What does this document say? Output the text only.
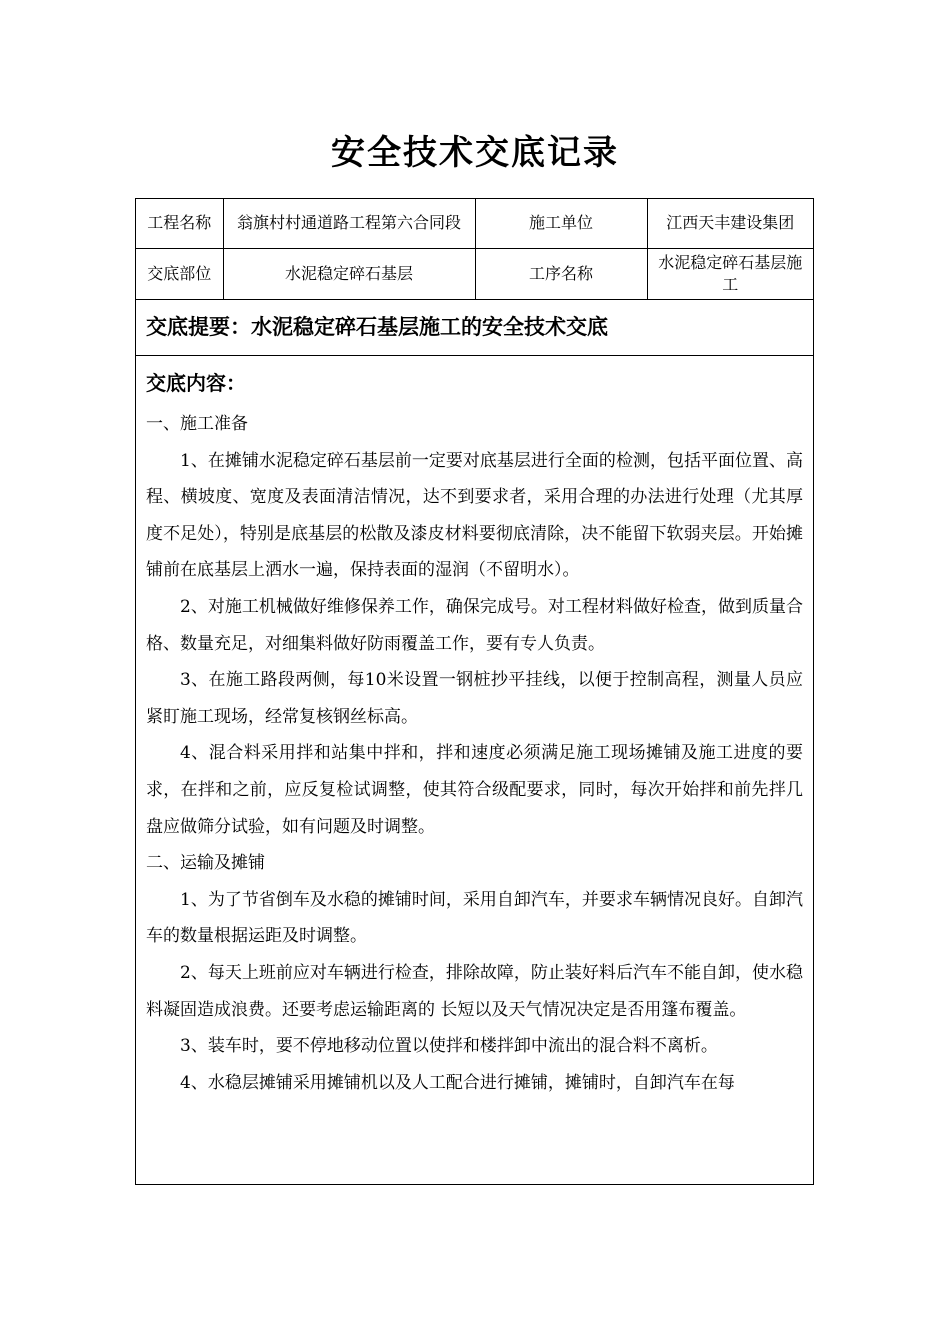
安全技术交底记录
工程名称	翁旗村村通道路工程第六合同段	施工单位	江西天丰建设集团
交底部位	水泥稳定碎石基层	工序名称	水泥稳定碎石基层施工
交底提要：水泥稳定碎石基层施工的安全技术交底
交底内容：

一、施工准备

1、在摊铺水泥稳定碎石基层前一定要对底基层进行全面的检测，包括平面位置、高程、横坡度、宽度及表面清洁情况，达不到要求者，采用合理的办法进行处理（尤其厚度不足处），特别是底基层的松散及漆皮材料要彻底清除，决不能留下软弱夹层。开始摊铺前在底基层上洒水一遍，保持表面的湿润（不留明水）。

2、对施工机械做好维修保养工作，确保完成号。对工程材料做好检查，做到质量合格、数量充足，对细集料做好防雨覆盖工作，要有专人负责。

3、在施工路段两侧，每10米设置一钢桩抄平挂线，以便于控制高程，测量人员应紧盯施工现场，经常复核钢丝标高。

4、混合料采用拌和站集中拌和，拌和速度必须满足施工现场摊铺及施工进度的要求，在拌和之前，应反复检试调整，使其符合级配要求，同时，每次开始拌和前先拌几盘应做筛分试验，如有问题及时调整。

二、运输及摊铺

1、为了节省倒车及水稳的摊铺时间，采用自卸汽车，并要求车辆情况良好。自卸汽车的数量根据运距及时调整。

2、每天上班前应对车辆进行检查，排除故障，防止装好料后汽车不能自卸，使水稳料凝固造成浪费。还要考虑运输距离的 长短以及天气情况决定是否用篷布覆盖。

3、装车时，要不停地移动位置以使拌和楼拌卸中流出的混合料不离析。

4、水稳层摊铺采用摊铺机以及人工配合进行摊铺，摊铺时，自卸汽车在每
